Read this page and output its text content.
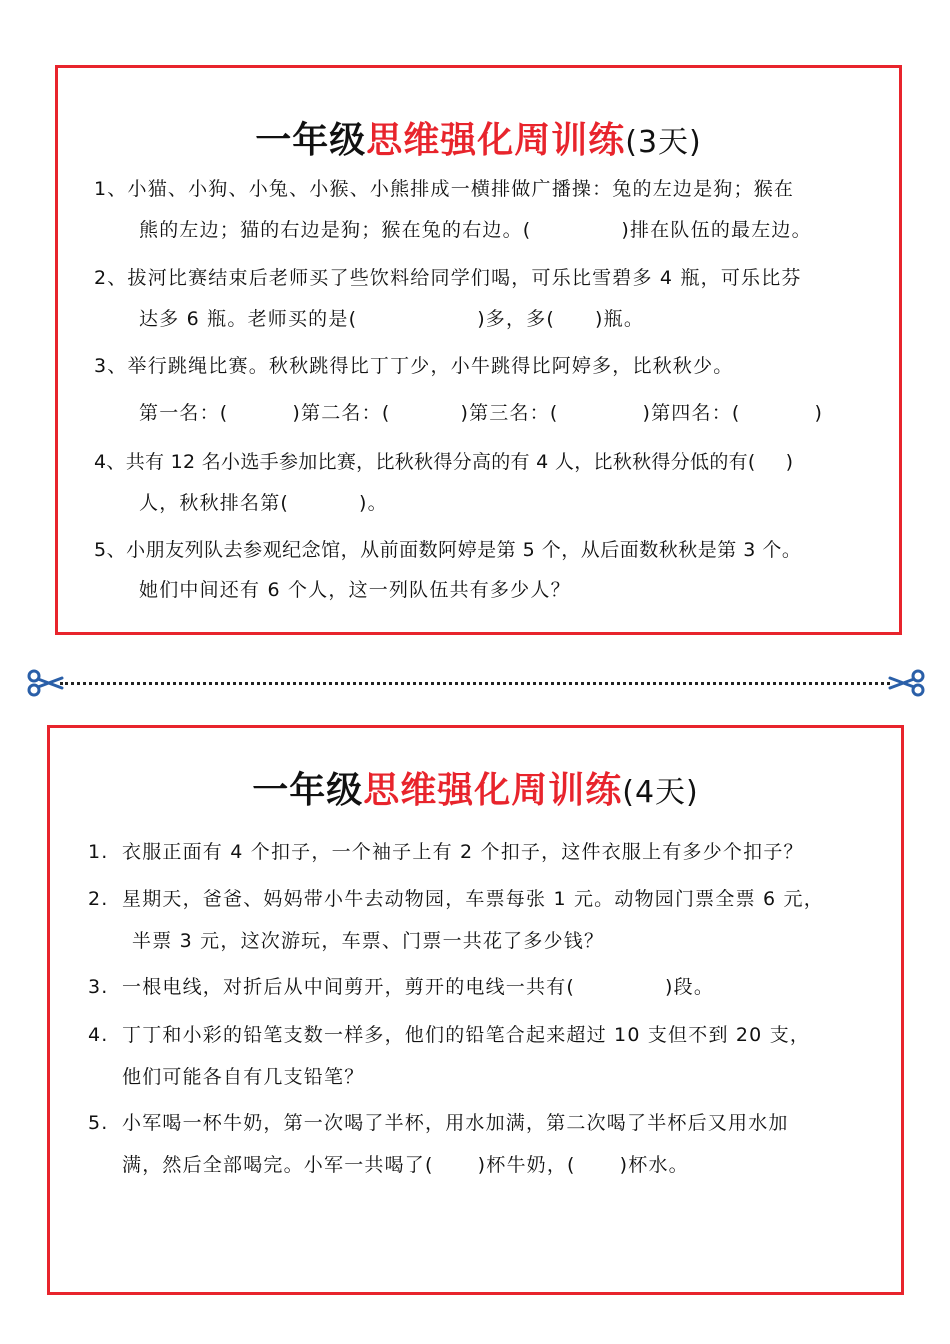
一年级思维强化周训练(3天)
1、小猫、小狗、小兔、小猴、小熊排成一横排做广播操：兔的左边是狗；猴在
熊的左边；猫的右边是狗；猴在兔的右边。(	)排在队伍的最左边。
2、拔河比赛结束后老师买了些饮料给同学们喝，可乐比雪碧多 4 瓶，可乐比芬
达多 6 瓶。老师买的是(	)多，多( )瓶。
3、举行跳绳比赛。秋秋跳得比丁丁少，小牛跳得比阿婷多，比秋秋少。
第一名：(	)第二名：(	)第三名：(	)第四名：(	)
4、共有 12 名小选手参加比赛，比秋秋得分高的有 4 人，比秋秋得分低的有( )
人，秋秋排名第(	)。
5、小朋友列队去参观纪念馆，从前面数阿婷是第 5 个，从后面数秋秋是第 3 个。
她们中间还有 6 个人，这一列队伍共有多少人？
一年级思维强化周训练(4天)
1. 衣服正面有 4 个扣子，一个袖子上有 2 个扣子，这件衣服上有多少个扣子？
2. 星期天，爸爸、妈妈带小牛去动物园，车票每张 1 元。动物园门票全票 6 元，
半票 3 元，这次游玩，车票、门票一共花了多少钱？
3. 一根电线，对折后从中间剪开，剪开的电线一共有(	)段。
4. 丁丁和小彩的铅笔支数一样多，他们的铅笔合起来超过 10 支但不到 20 支，
他们可能各自有几支铅笔？
5. 小军喝一杯牛奶，第一次喝了半杯，用水加满，第二次喝了半杯后又用水加
满，然后全部喝完。小军一共喝了( )杯牛奶，( )杯水。
